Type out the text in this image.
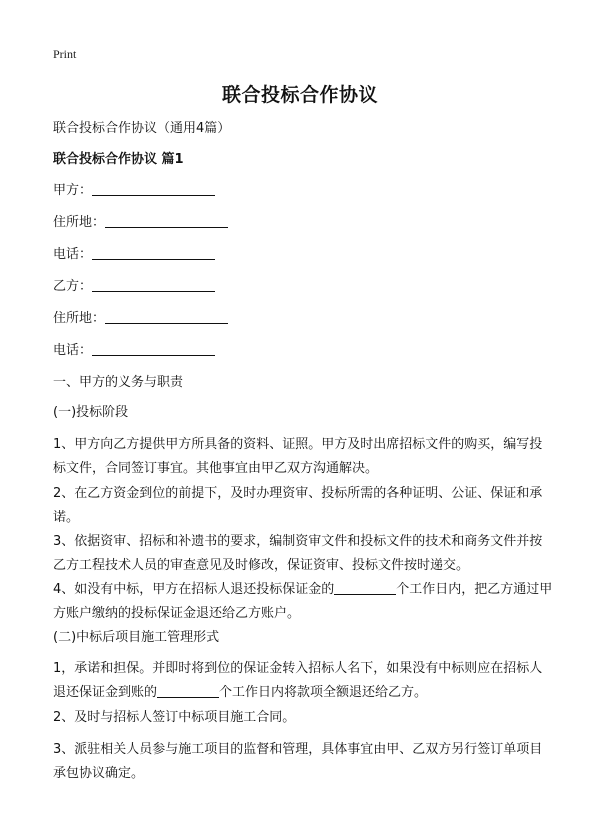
Print
联合投标合作协议
联合投标合作协议（通用4篇）
联合投标合作协议 篇1
甲方：
住所地：
电话：
乙方：
住所地：
电话：
一、甲方的义务与职责
(一)投标阶段
1、甲方向乙方提供甲方所具备的资料、证照。甲方及时出席招标文件的购买，编写投标文件，合同签订事宜。其他事宜由甲乙双方沟通解决。
2、在乙方资金到位的前提下，及时办理资审、投标所需的各种证明、公证、保证和承诺。
3、依据资审、招标和补遗书的要求，编制资审文件和投标文件的技术和商务文件并按乙方工程技术人员的审查意见及时修改，保证资审、投标文件按时递交。
4、如没有中标，甲方在招标人退还投标保证金的	个工作日内，把乙方通过甲方账户缴纳的投标保证金退还给乙方账户。
(二)中标后项目施工管理形式
1，承诺和担保。并即时将到位的保证金转入招标人名下，如果没有中标则应在招标人退还保证金到账的	个工作日内将款项全额退还给乙方。
2、及时与招标人签订中标项目施工合同。
3、派驻相关人员参与施工项目的监督和管理，具体事宜由甲、乙双方另行签订单项目承包协议确定。
